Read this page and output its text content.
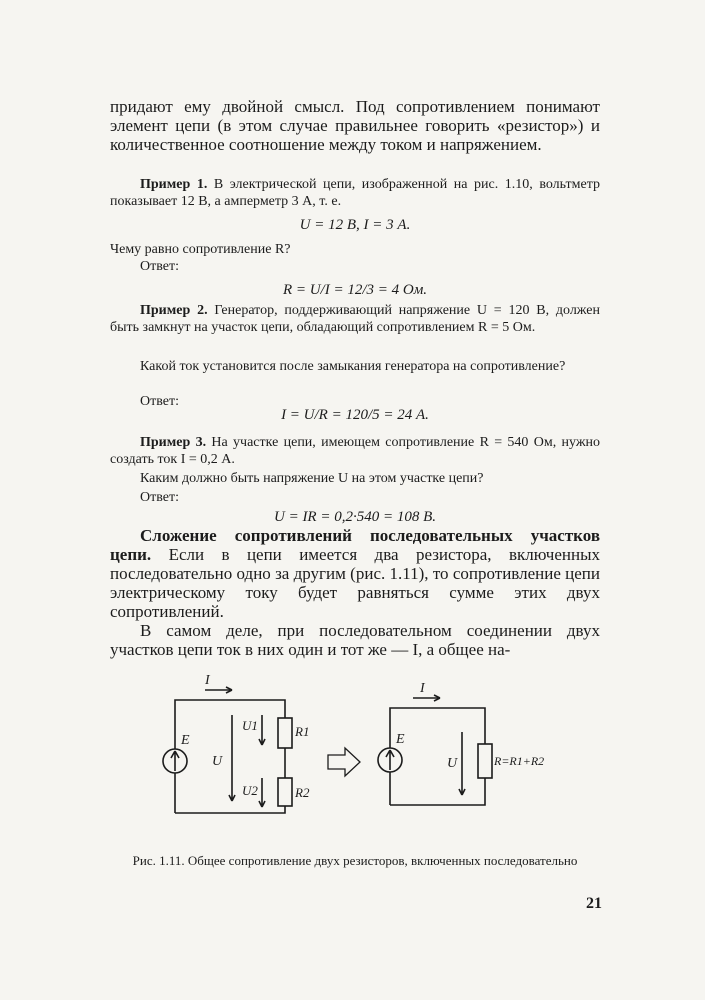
придают ему двойной смысл. Под сопротивлением понимают элемент цепи (в этом случае правильнее говорить «резистор») и количественное соотношение между током и напряжением.

Пример 1. В электрической цепи, изображенной на рис. 1.10, вольтметр показывает 12 В, а амперметр 3 А, т. е.

U = 12 В, I = 3 А.

Чему равно сопротивление R?

Ответ:

R = U/I = 12/3 = 4 Ом.

Пример 2. Генератор, поддерживающий напряжение U = 120 В, должен быть замкнут на участок цепи, обладающий сопротивлением R = 5 Ом.

Какой ток установится после замыкания генератора на сопротивление?

Ответ:

I = U/R = 120/5 = 24 А.

Пример 3. На участке цепи, имеющем сопротивление R = 540 Ом, нужно создать ток I = 0,2 А.

Каким должно быть напряжение U на этом участке цепи?

Ответ:

U = IR = 0,2·540 = 108 В.

Сложение сопротивлений последовательных участков цепи. Если в цепи имеется два резистора, включенных последовательно одно за другим (рис. 1.11), то сопротивление цепи электрическому току будет равняться сумме этих двух сопротивлений.

В самом деле, при последовательном соединении двух участков цепи ток в них один и тот же — I, а общее на-

I
E
R1
R2
U1
U2
U
I
E
R=R1+R2
U

Рис. 1.11. Общее сопротивление двух резисторов, включенных последовательно

21
